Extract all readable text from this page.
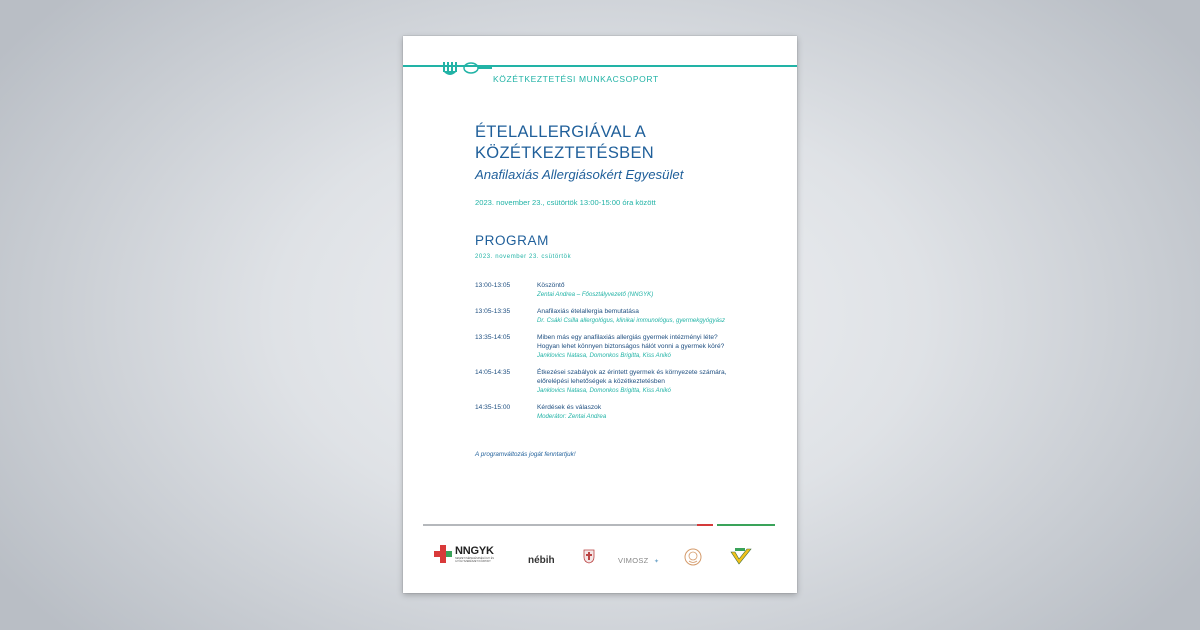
KÖZÉTKEZTETÉSI MUNKACSOPORT
ÉTELALLERGIÁVAL A
KÖZÉTKEZTETÉSBEN
Anafilaxiás Allergiásokért Egyesület
2023. november 23., csütörtök 13:00-15:00 óra között
PROGRAM
2023. november 23. csütörtök
13:00-13:05	Köszöntő
Zentai Andrea – Főosztályvezető (NNGYK)
13:05-13:35	Anafilaxiás ételallergia bemutatása
Dr. Csáki Csilla allergológus, klinikai immunológus, gyermekgyógyász
13:35-14:05	Miben más egy anafilaxiás allergiás gyermek intézményi léte?
Hogyan lehet könnyen biztonságos hálót vonni a gyermek köré?
Janklovics Natasa, Domonkos Brigitta, Kiss Anikó
14:05-14:35	Étkezései szabályok az érintett gyermek és környezete számára,
előrelépési lehetőségek a közétkeztetésben
Janklovics Natasa, Domonkos Brigitta, Kiss Anikó
14:35-15:00	Kérdések és válaszok
Moderátor: Zentai Andrea
A programváltozás jogát fenntartjuk!
NNGYK
NEMZETI NÉPEGÉSZSÉGÜGYI ÉS GYÓGYSZERÉSZETI KÖZPONT	nébih	VIMOSZ ✦
